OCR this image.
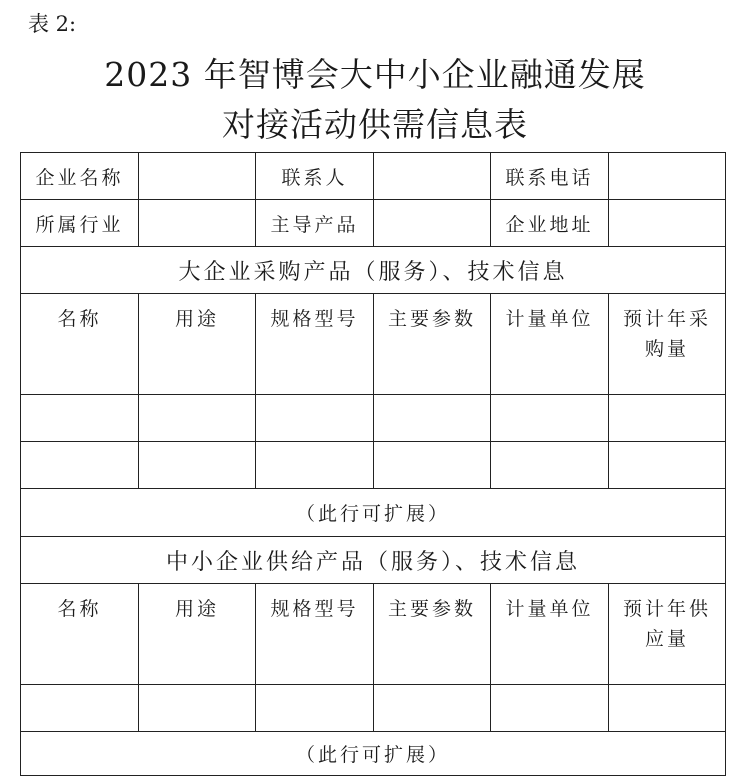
表 2:
2023 年智博会大中小企业融通发展
对接活动供需信息表
企业名称		联系人		联系电话	
所属行业		主导产品		企业地址	
大企业采购产品（服务）、技术信息					
名称	用途	规格型号	主要参数	计量单位	预计年采
购量

（此行可扩展）					
中小企业供给产品（服务）、技术信息					
名称	用途	规格型号	主要参数	计量单位	预计年供
应量

（此行可扩展）					
